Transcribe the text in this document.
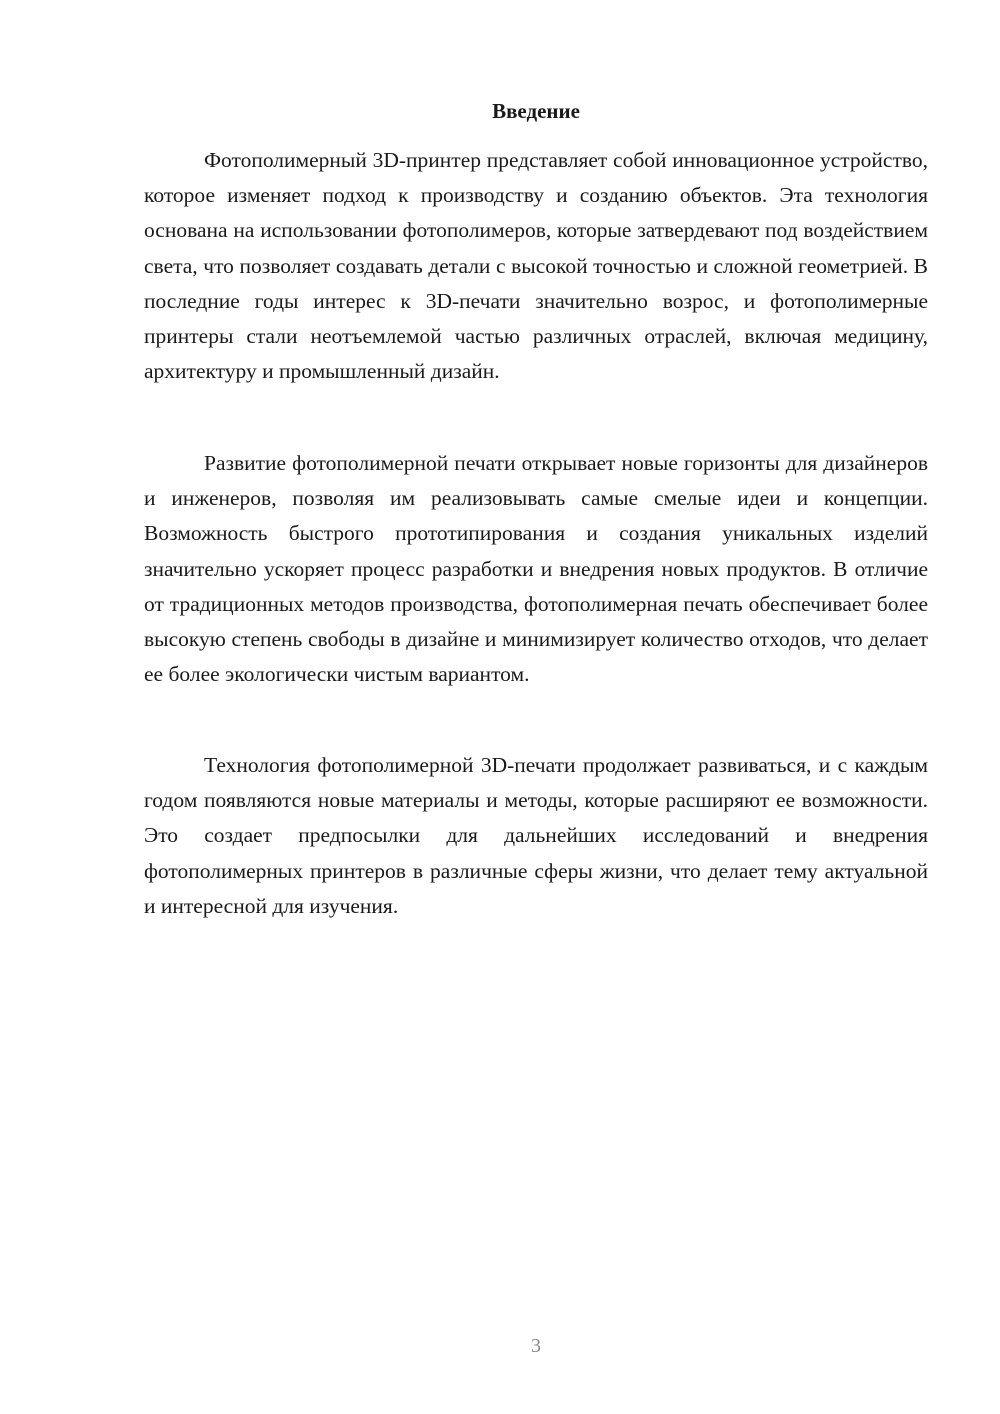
Введение

Фотополимерный 3D-принтер представляет собой инновационное устройство, которое изменяет подход к производству и созданию объектов. Эта технология основана на использовании фотополимеров, которые затвердевают под воздействием света, что позволяет создавать детали с высокой точностью и сложной геометрией. В последние годы интерес к 3D-печати значительно возрос, и фотополимерные принтеры стали неотъемлемой частью различных отраслей, включая медицину, архитектуру и промышленный дизайн.

Развитие фотополимерной печати открывает новые горизонты для дизайнеров и инженеров, позволяя им реализовывать самые смелые идеи и концепции. Возможность быстрого прототипирования и создания уникальных изделий значительно ускоряет процесс разработки и внедрения новых продуктов. В отличие от традиционных методов производства, фотополимерная печать обеспечивает более высокую степень свободы в дизайне и минимизирует количество отходов, что делает ее более экологически чистым вариантом.

Технология фотополимерной 3D-печати продолжает развиваться, и с каждым годом появляются новые материалы и методы, которые расширяют ее возможности. Это создает предпосылки для дальнейших исследований и внедрения фотополимерных принтеров в различные сферы жизни, что делает тему актуальной и интересной для изучения.

3
